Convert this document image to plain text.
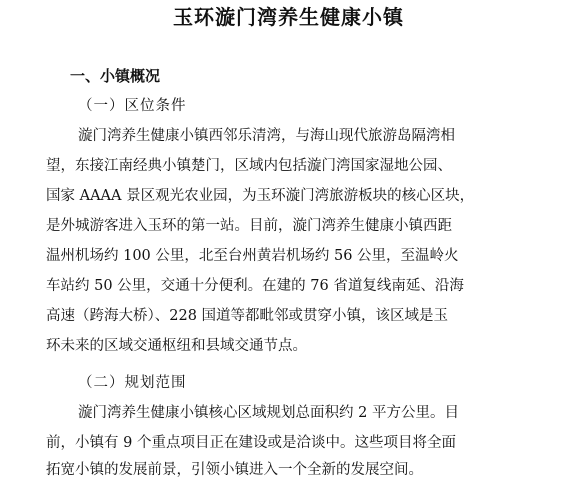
玉环漩门湾养生健康小镇
一、小镇概况
（一）区位条件
漩门湾养生健康小镇西邻乐清湾，与海山现代旅游岛隔湾相
望，东接江南经典小镇楚门，区域内包括漩门湾国家湿地公园、
国家 AAAA 景区观光农业园，为玉环漩门湾旅游板块的核心区块，
是外城游客进入玉环的第一站。目前，漩门湾养生健康小镇西距
温州机场约 100 公里，北至台州黄岩机场约 56 公里，至温岭火
车站约 50 公里，交通十分便利。在建的 76 省道复线南延、沿海
高速（跨海大桥）、228 国道等都毗邻或贯穿小镇，该区域是玉
环未来的区域交通枢纽和县域交通节点。
（二）规划范围
漩门湾养生健康小镇核心区域规划总面积约 2 平方公里。目
前，小镇有 9 个重点项目正在建设或是洽谈中。这些项目将全面
拓宽小镇的发展前景，引领小镇进入一个全新的发展空间。
